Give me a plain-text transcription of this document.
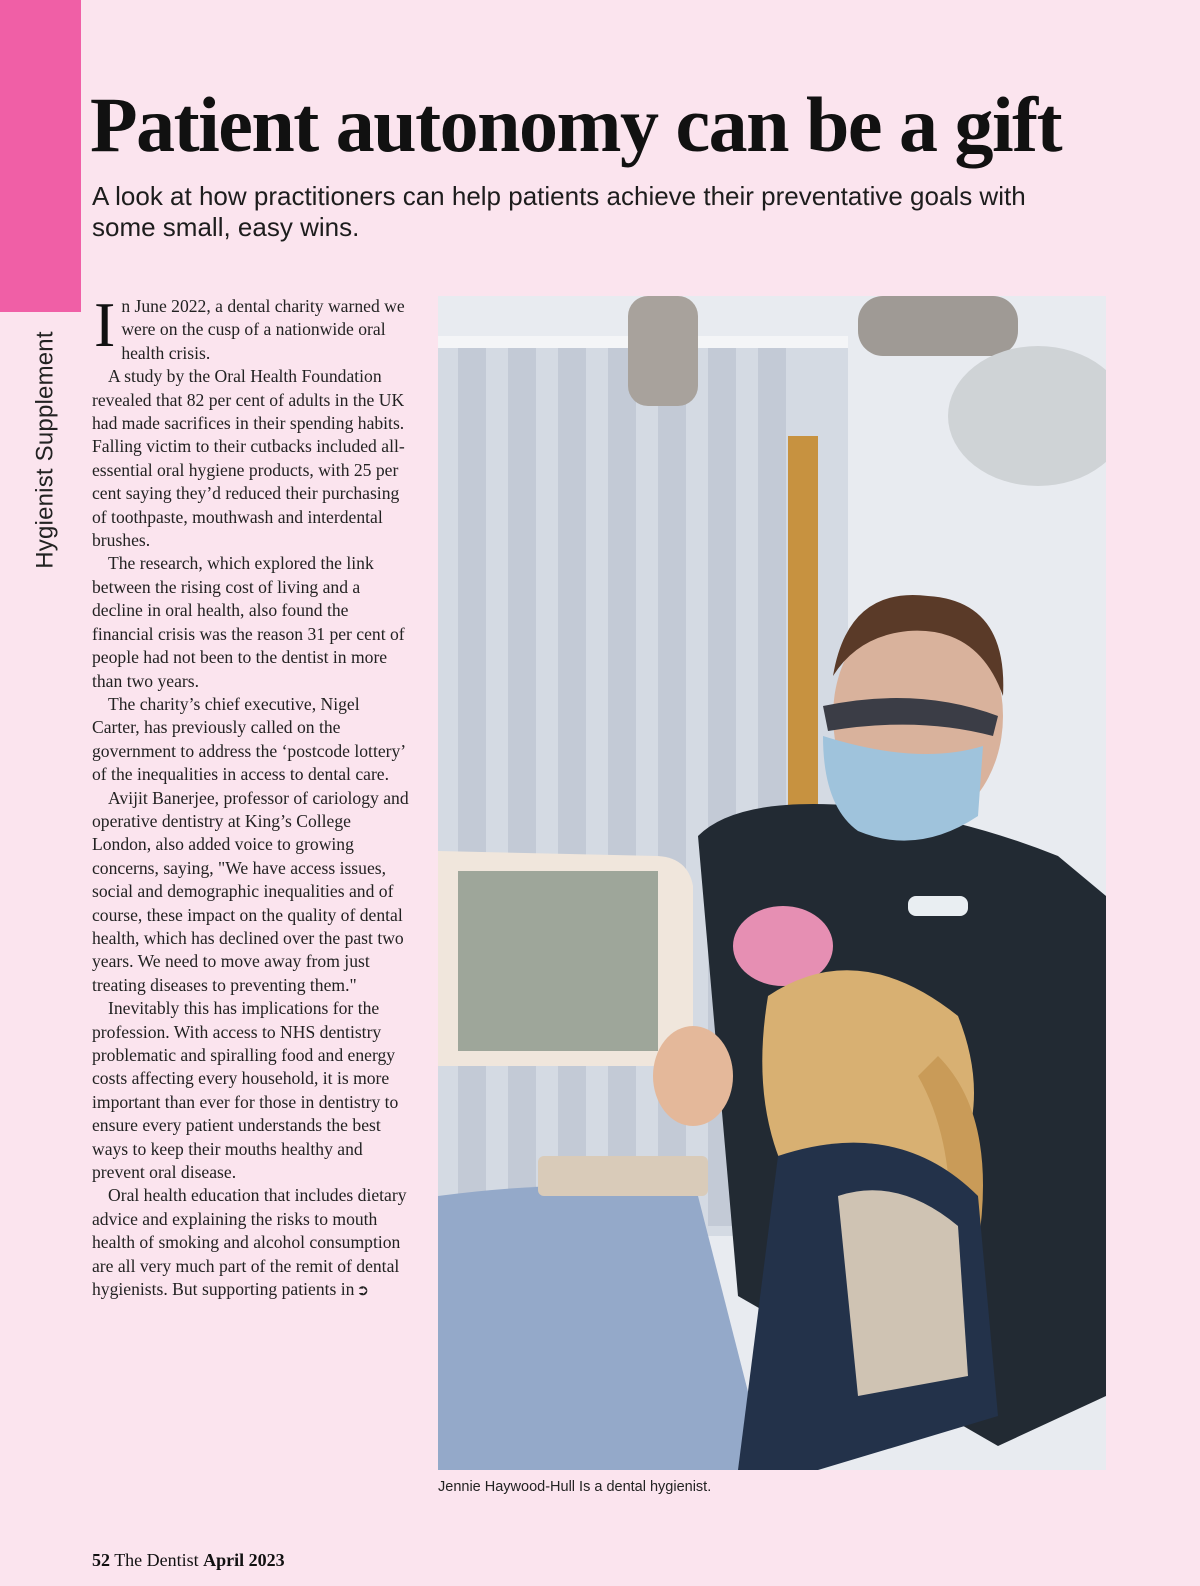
Hygienist Supplement
Patient autonomy can be a gift

A look at how practitioners can help patients achieve their preventative goals with some small, easy wins.

In June 2022, a dental charity warned we were on the cusp of a nationwide oral health crisis.

A study by the Oral Health Foundation revealed that 82 per cent of adults in the UK had made sacrifices in their spending habits. Falling victim to their cutbacks included all-essential oral hygiene products, with 25 per cent saying they’d reduced their purchasing of toothpaste, mouthwash and interdental brushes.

The research, which explored the link between the rising cost of living and a decline in oral health, also found the financial crisis was the reason 31 per cent of people had not been to the dentist in more than two years.

The charity’s chief executive, Nigel Carter, has previously called on the government to address the ‘postcode lottery’ of the inequalities in access to dental care.

Avijit Banerjee, professor of cariology and operative dentistry at King’s College London, also added voice to growing concerns, saying, "We have access issues, social and demographic inequalities and of course, these impact on the quality of dental health, which has declined over the past two years. We need to move away from just treating diseases to preventing them."

Inevitably this has implications for the profession. With access to NHS dentistry problematic and spiralling food and energy costs affecting every household, it is more important than ever for those in dentistry to ensure every patient understands the best ways to keep their mouths healthy and prevent oral disease.

Oral health education that includes dietary advice and explaining the risks to mouth health of smoking and alcohol consumption are all very much part of the remit of dental hygienists. But supporting patients in ➲

Jennie Haywood-Hull Is a dental hygienist.
52 The Dentist April 2023
